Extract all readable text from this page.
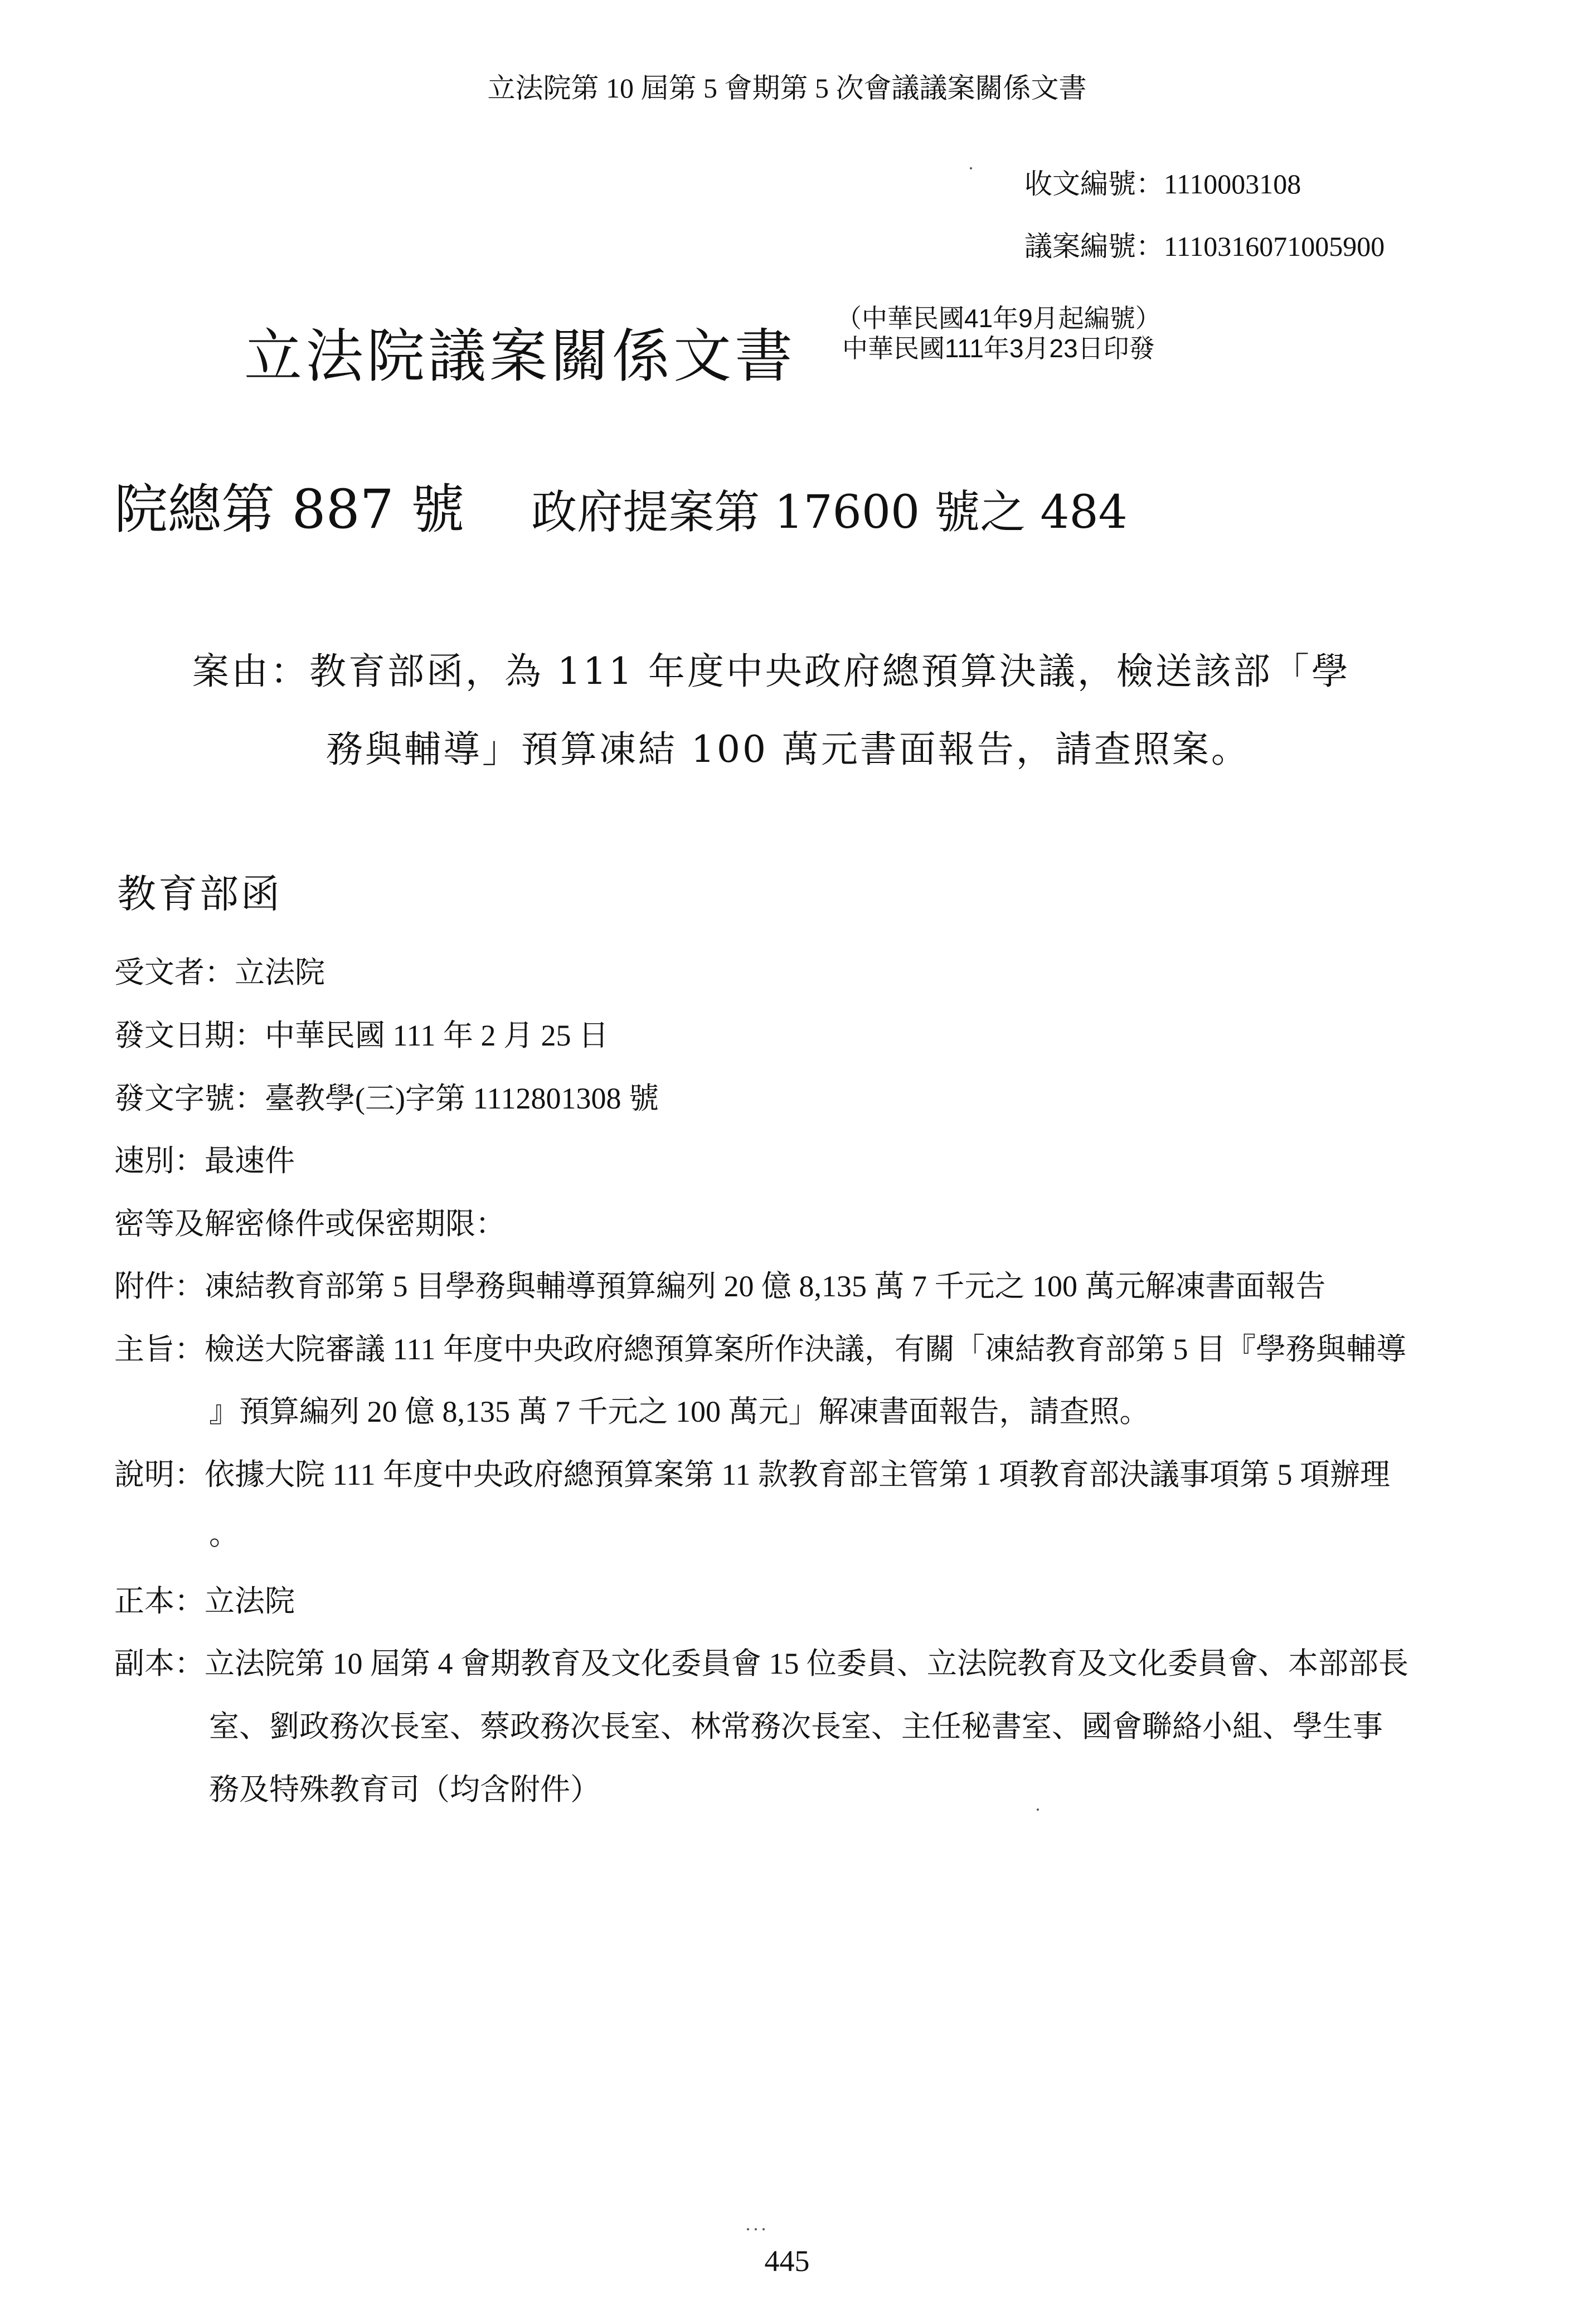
立法院第 10 屆第 5 會期第 5 次會議議案關係文書
收文編號：1110003108
議案編號：1110316071005900
立法院議案關係文書
（中華民國41年9月起編號）
中華民國111年3月23日印發
院總第 887 號 政府提案第 17600 號之 484
案由：教育部函，為 111 年度中央政府總預算決議，檢送該部「學
務與輔導」預算凍結 100 萬元書面報告，請查照案。
教育部函
受文者：立法院
發文日期：中華民國 111 年 2 月 25 日
發文字號：臺教學(三)字第 1112801308 號
速別：最速件
密等及解密條件或保密期限：
附件：凍結教育部第 5 目學務與輔導預算編列 20 億 8,135 萬 7 千元之 100 萬元解凍書面報告
主旨：檢送大院審議 111 年度中央政府總預算案所作決議，有關「凍結教育部第 5 目『學務與輔導
』預算編列 20 億 8,135 萬 7 千元之 100 萬元」解凍書面報告，請查照。
說明：依據大院 111 年度中央政府總預算案第 11 款教育部主管第 1 項教育部決議事項第 5 項辦理
。
正本：立法院
副本：立法院第 10 屆第 4 會期教育及文化委員會 15 位委員、立法院教育及文化委員會、本部部長
室、劉政務次長室、蔡政務次長室、林常務次長室、主任秘書室、國會聯絡小組、學生事
務及特殊教育司（均含附件）
445
